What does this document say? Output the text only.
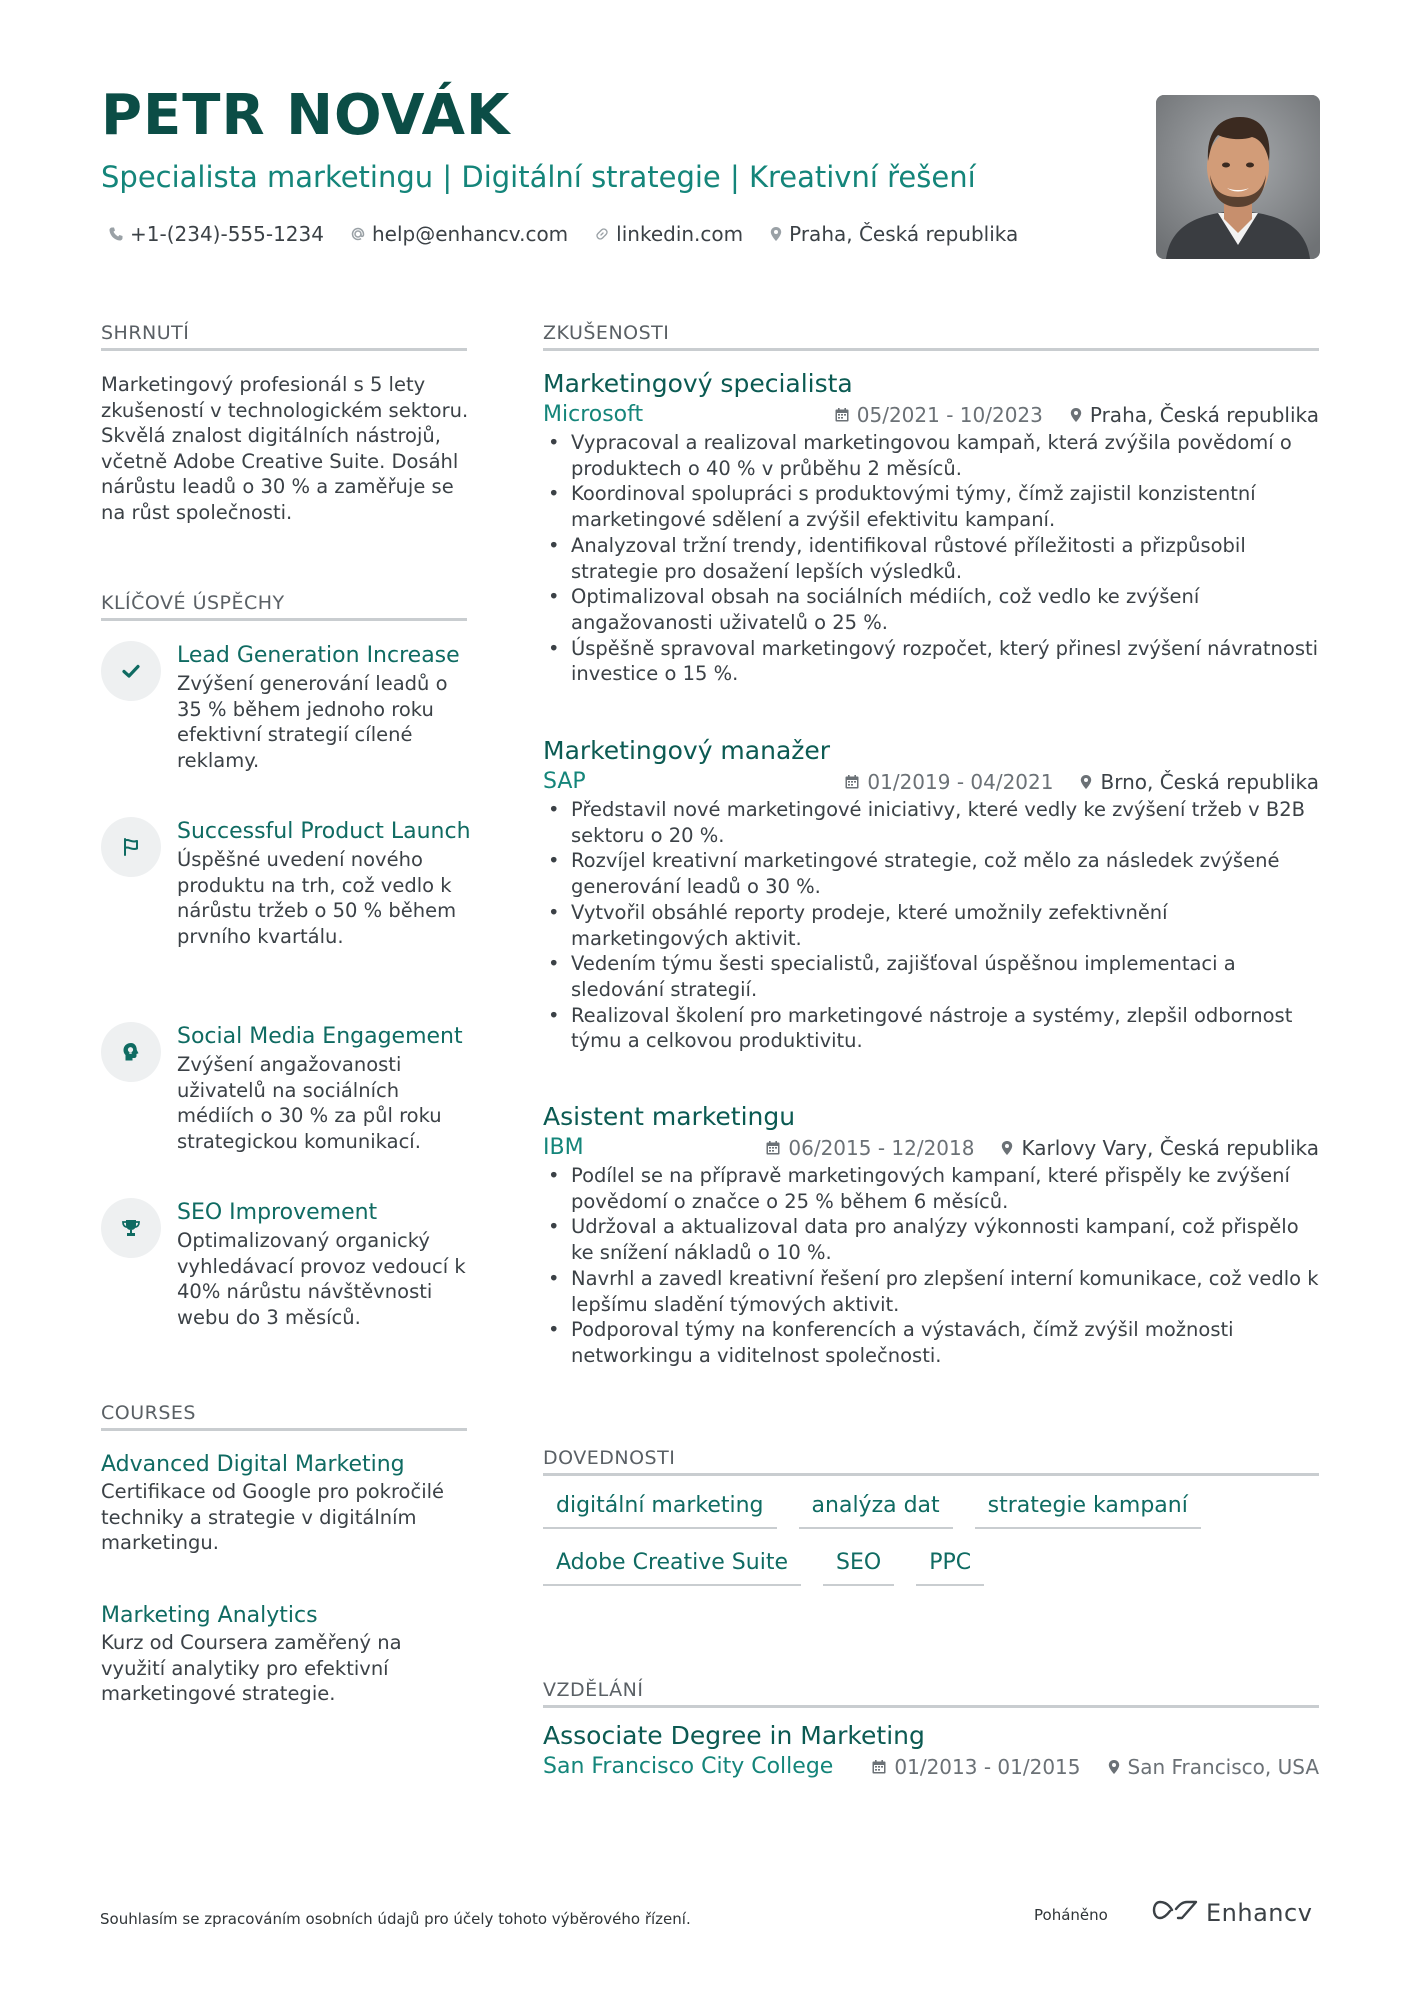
PETR NOVÁK
Specialista marketingu | Digitální strategie | Kreativní řešení
+1-(234)-555-1234 help@enhancv.com linkedin.com Praha, Česká republika
SHRNUTÍ
Marketingový profesionál s 5 lety zkušeností v technologickém sektoru. Skvělá znalost digitálních nástrojů, včetně Adobe Creative Suite. Dosáhl nárůstu leadů o 30 % a zaměřuje se na růst společnosti.
KLÍČOVÉ ÚSPĚCHY
Lead Generation Increase
Zvýšení generování leadů o 35 % během jednoho roku efektivní strategií cílené reklamy.
Successful Product Launch
Úspěšné uvedení nového produktu na trh, což vedlo k nárůstu tržeb o 50 % během prvního kvartálu.
Social Media Engagement
Zvýšení angažovanosti uživatelů na sociálních médiích o 30 % za půl roku strategickou komunikací.
SEO Improvement
Optimalizovaný organický vyhledávací provoz vedoucí k 40% nárůstu návštěvnosti webu do 3 měsíců.
COURSES
Advanced Digital Marketing
Certifikace od Google pro pokročilé techniky a strategie v digitálním marketingu.
Marketing Analytics
Kurz od Coursera zaměřený na využití analytiky pro efektivní marketingové strategie.
ZKUŠENOSTI
Marketingový specialista
Microsoft	05/2021 - 10/2023 Praha, Česká republika
• Vypracoval a realizoval marketingovou kampaň, která zvýšila povědomí o produktech o 40 % v průběhu 2 měsíců.
• Koordinoval spolupráci s produktovými týmy, čímž zajistil konzistentní marketingové sdělení a zvýšil efektivitu kampaní.
• Analyzoval tržní trendy, identifikoval růstové příležitosti a přizpůsobil strategie pro dosažení lepších výsledků.
• Optimalizoval obsah na sociálních médiích, což vedlo ke zvýšení angažovanosti uživatelů o 25 %.
• Úspěšně spravoval marketingový rozpočet, který přinesl zvýšení návratnosti investice o 15 %.
Marketingový manažer
SAP	01/2019 - 04/2021 Brno, Česká republika
• Představil nové marketingové iniciativy, které vedly ke zvýšení tržeb v B2B sektoru o 20 %.
• Rozvíjel kreativní marketingové strategie, což mělo za následek zvýšené generování leadů o 30 %.
• Vytvořil obsáhlé reporty prodeje, které umožnily zefektivnění marketingových aktivit.
• Vedením týmu šesti specialistů, zajišťoval úspěšnou implementaci a sledování strategií.
• Realizoval školení pro marketingové nástroje a systémy, zlepšil odbornost týmu a celkovou produktivitu.
Asistent marketingu
IBM	06/2015 - 12/2018 Karlovy Vary, Česká republika
• Podílel se na přípravě marketingových kampaní, které přispěly ke zvýšení povědomí o značce o 25 % během 6 měsíců.
• Udržoval a aktualizoval data pro analýzy výkonnosti kampaní, což přispělo ke snížení nákladů o 10 %.
• Navrhl a zavedl kreativní řešení pro zlepšení interní komunikace, což vedlo k lepšímu sladění týmových aktivit.
• Podporoval týmy na konferencích a výstavách, čímž zvýšil možnosti networkingu a viditelnost společnosti.
DOVEDNOSTI
digitální marketing	analýza dat	strategie kampaní
Adobe Creative Suite	SEO	PPC
VZDĚLÁNÍ
Associate Degree in Marketing
San Francisco City College	01/2013 - 01/2015 San Francisco, USA
Souhlasím se zpracováním osobních údajů pro účely tohoto výběrového řízení.	Poháněno	Enhancv
